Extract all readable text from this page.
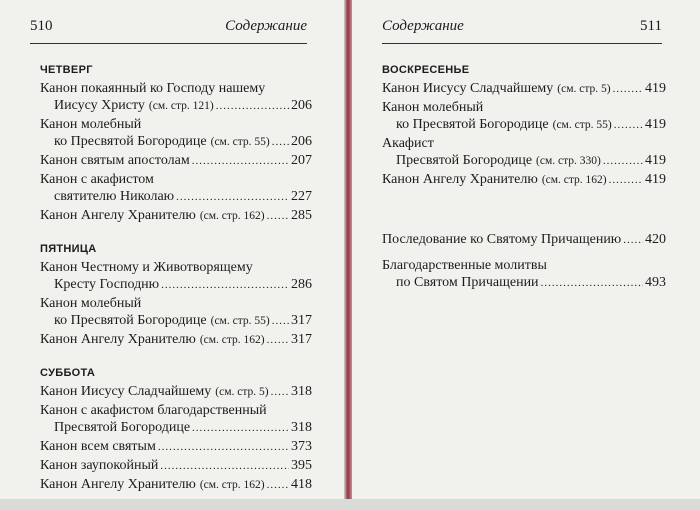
510	Содержание
ЧЕТВЕРГ
Канон покаянный ко Господу нашему
Иисусу Христу (см. стр. 121) .....	206
Канон молебный
ко Пресвятой Богородице (см. стр. 55) ..... 206
Канон святым апостолам .....	207
Канон с акафистом
святителю Николаю .....	227
Канон Ангелу Хранителю (см. стр. 162) ..... 285
ПЯТНИЦА
Канон Честному и Животворящему
Кресту Господню .....	286
Канон молебный
ко Пресвятой Богородице (см. стр. 55) ..... 317
Канон Ангелу Хранителю (см. стр. 162) ..... 317
СУББОТА
Канон Иисусу Сладчайшему (см. стр. 5) ..... 318
Канон с акафистом благодарственный
Пресвятой Богородице .....	318
Канон всем святым .....	373
Канон заупокойный .....	395
Канон Ангелу Хранителю (см. стр. 162) ..... 418
Содержание	511
ВОСКРЕСЕНЬЕ
Канон Иисусу Сладчайшему (см. стр. 5) ..... 419
Канон молебный
ко Пресвятой Богородице (см. стр. 55) ..... 419
Акафист
Пресвятой Богородице (см. стр. 330) .....	419
Канон Ангелу Хранителю (см. стр. 162) .....	419
Последование ко Святому Причащению ..... 420
Благодарственные молитвы
по Святом Причащении .....	493
